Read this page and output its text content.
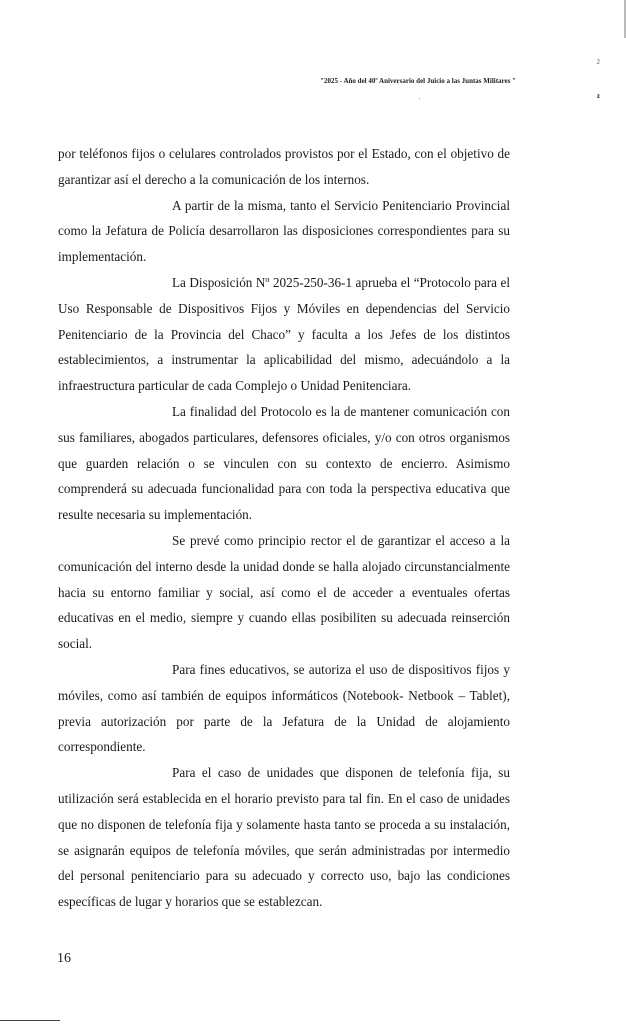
2
z
"2025 - Año del 40º Aniversario del Juicio a las Juntas Militares "

por teléfonos fijos o celulares controlados provistos por el Estado, con el objetivo de garantizar así el derecho a la comunicación de los internos.

A partir de la misma, tanto el Servicio Penitenciario Provincial como la Jefatura de Policía desarrollaron las disposiciones correspondientes para su implementación.

La Disposición Nº 2025-250-36-1 aprueba el “Protocolo para el Uso Responsable de Dispositivos Fijos y Móviles en dependencias del Servicio Penitenciario de la Provincia del Chaco” y faculta a los Jefes de los distintos establecimientos, a instrumentar la aplicabilidad del mismo, adecuándolo a la infraestructura particular de cada Complejo o Unidad Penitenciara.

La finalidad del Protocolo es la de mantener comunicación con sus familiares, abogados particulares, defensores oficiales, y/o con otros organismos que guarden relación o se vinculen con su contexto de encierro. Asimismo comprenderá su adecuada funcionalidad para con toda la perspectiva educativa que resulte necesaria su implementación.

Se prevé como principio rector el de garantizar el acceso a la comunicación del interno desde la unidad donde se halla alojado circunstancialmente hacia su entorno familiar y social, así como el de acceder a eventuales ofertas educativas en el medio, siempre y cuando ellas posibiliten su adecuada reinserción social.

Para fines educativos, se autoriza el uso de dispositivos fijos y móviles, como así también de equipos informáticos (Notebook- Netbook – Tablet), previa autorización por parte de la Jefatura de la Unidad de alojamiento correspondiente.

Para el caso de unidades que disponen de telefonía fija, su utilización será establecida en el horario previsto para tal fin. En el caso de unidades que no disponen de telefonía fija y solamente hasta tanto se proceda a su instalación, se asignarán equipos de telefonía móviles, que serán administradas por intermedio del personal penitenciario para su adecuado y correcto uso, bajo las condiciones específicas de lugar y horarios que se establezcan.

16
